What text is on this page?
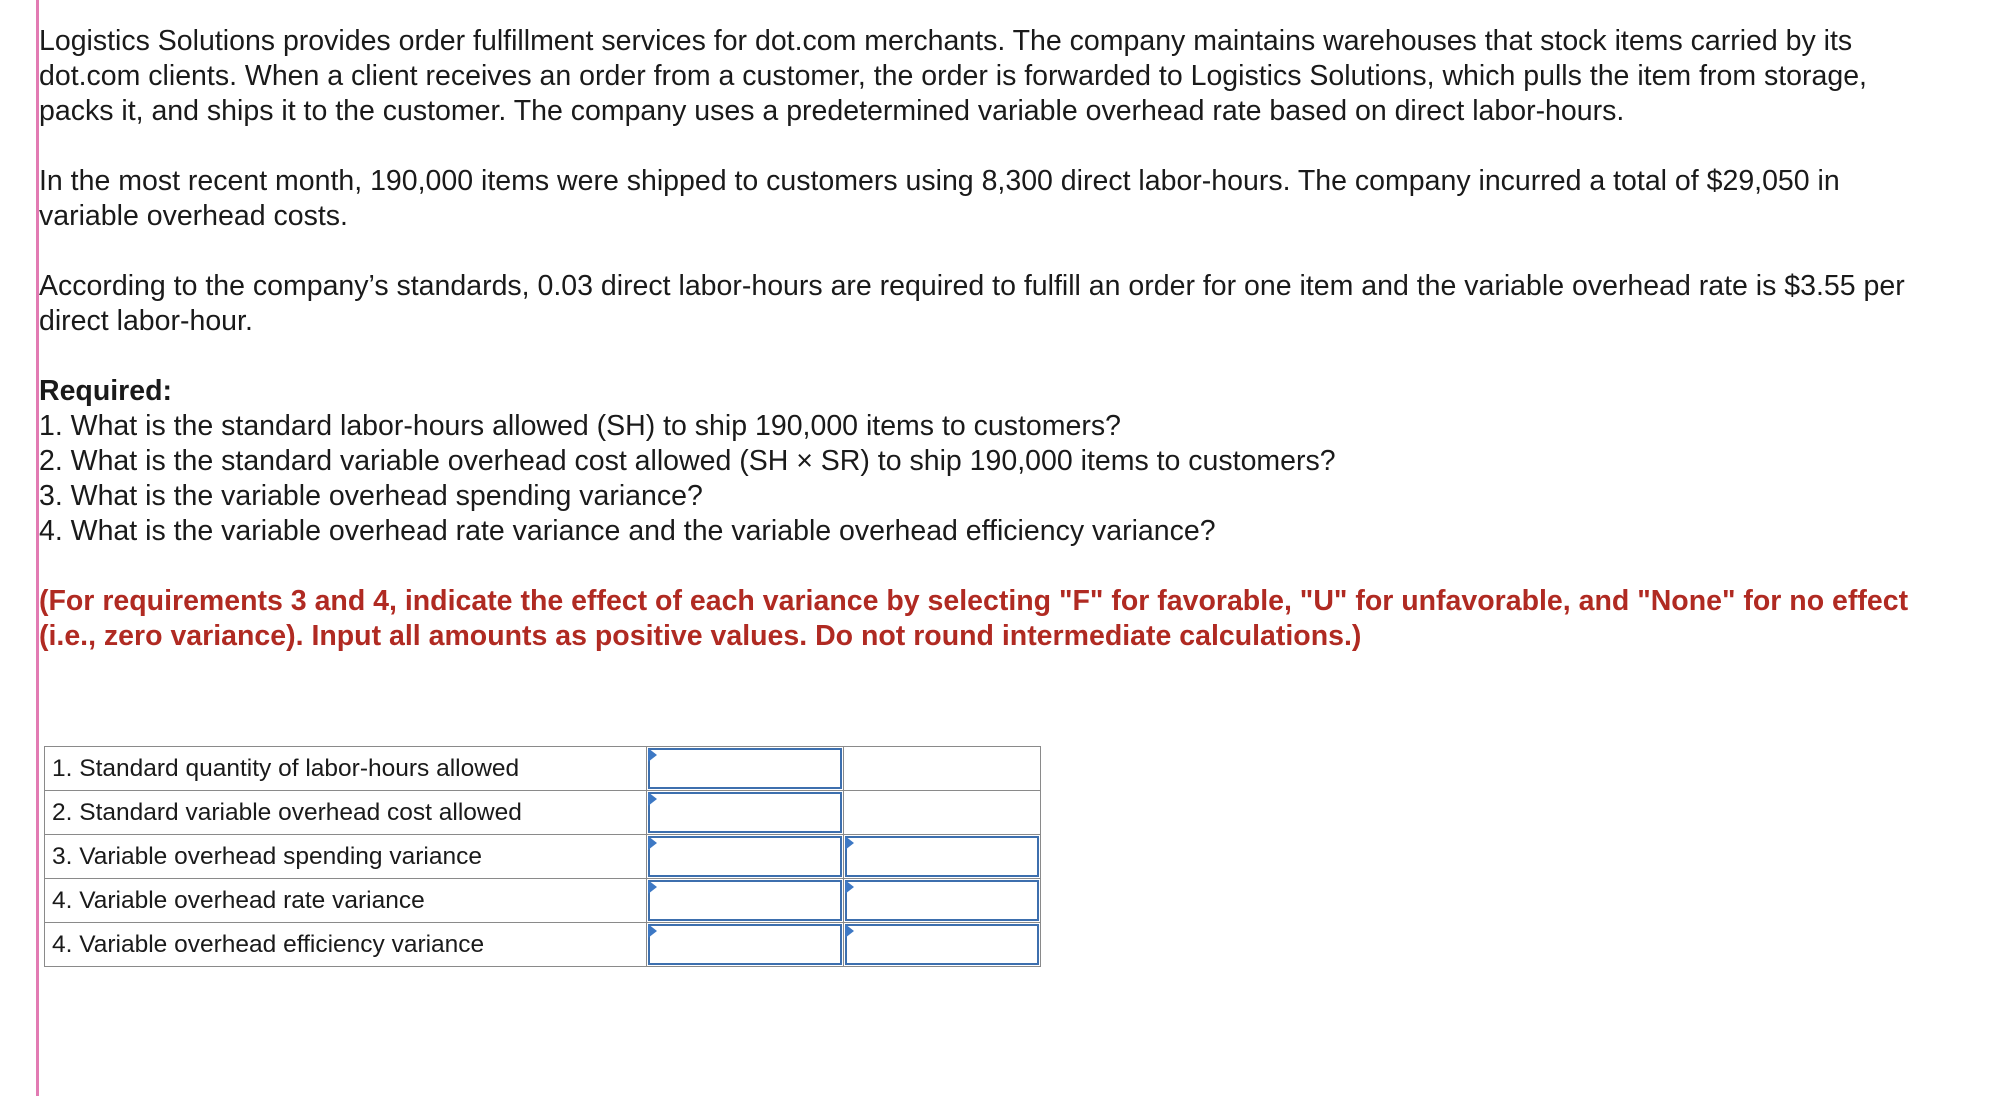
Logistics Solutions provides order fulfillment services for dot.com merchants. The company maintains warehouses that stock items carried by its dot.com clients. When a client receives an order from a customer, the order is forwarded to Logistics Solutions, which pulls the item from storage, packs it, and ships it to the customer. The company uses a predetermined variable overhead rate based on direct labor-hours.

In the most recent month, 190,000 items were shipped to customers using 8,300 direct labor-hours. The company incurred a total of $29,050 in variable overhead costs.

According to the company’s standards, 0.03 direct labor-hours are required to fulfill an order for one item and the variable overhead rate is $3.55 per direct labor-hour.

Required:

1. What is the standard labor-hours allowed (SH) to ship 190,000 items to customers?
2. What is the standard variable overhead cost allowed (SH × SR) to ship 190,000 items to customers?
3. What is the variable overhead spending variance?
4. What is the variable overhead rate variance and the variable overhead efficiency variance?

(For requirements 3 and 4, indicate the effect of each variance by selecting "F" for favorable, "U" for unfavorable, and "None" for no effect (i.e., zero variance). Input all amounts as positive values. Do not round intermediate calculations.)

1. Standard quantity of labor-hours allowed	

2. Standard variable overhead cost allowed	

3. Variable overhead spending variance	

4. Variable overhead rate variance	

4. Variable overhead efficiency variance	
